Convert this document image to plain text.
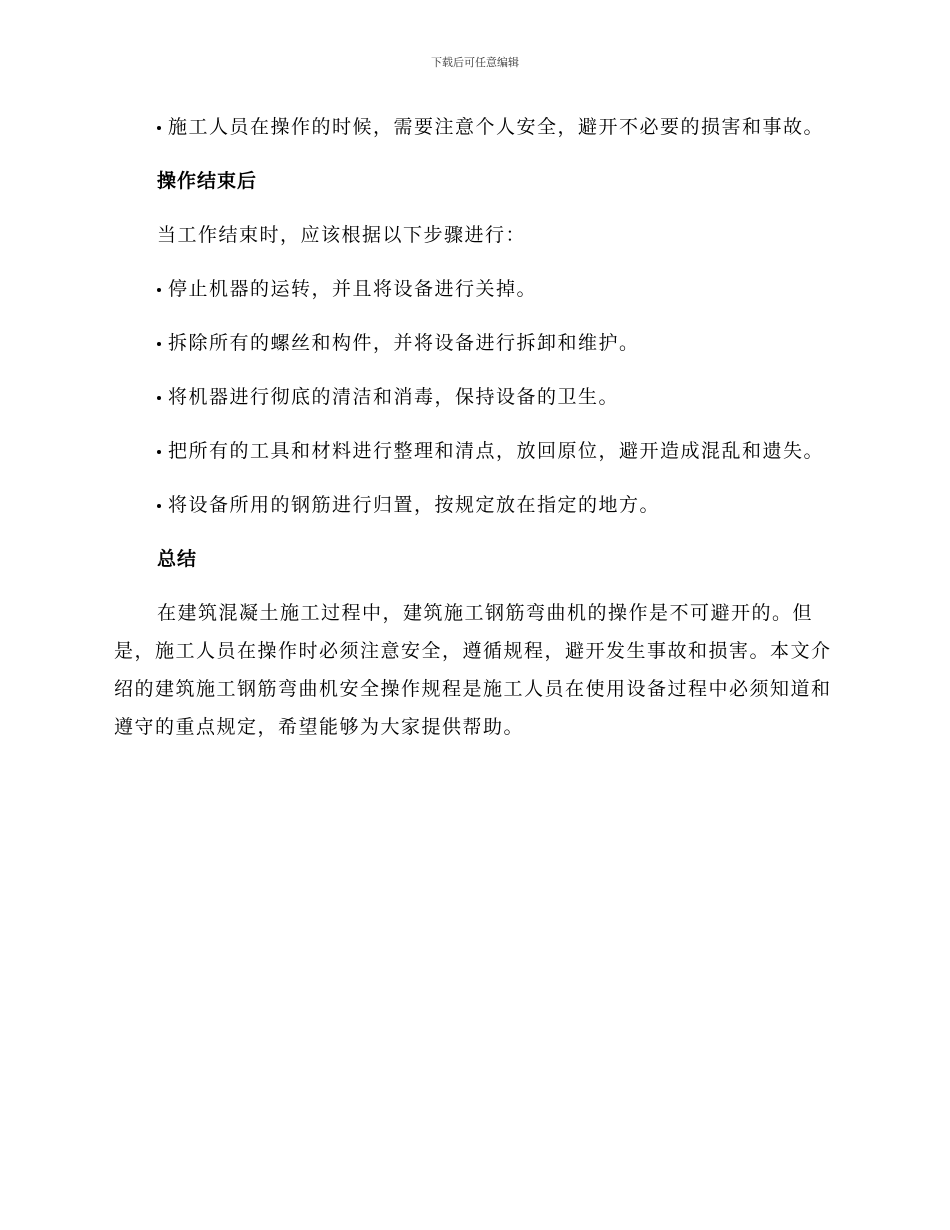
下载后可任意编辑

施工人员在操作的时候，需要注意个人安全，避开不必要的损害和事故。

操作结束后

当工作结束时，应该根据以下步骤进行：

停止机器的运转，并且将设备进行关掉。

拆除所有的螺丝和构件，并将设备进行拆卸和维护。

将机器进行彻底的清洁和消毒，保持设备的卫生。

把所有的工具和材料进行整理和清点，放回原位，避开造成混乱和遗失。

将设备所用的钢筋进行归置，按规定放在指定的地方。

总结

在建筑混凝土施工过程中，建筑施工钢筋弯曲机的操作是不可避开的。但是，施工人员在操作时必须注意安全，遵循规程，避开发生事故和损害。本文介绍的建筑施工钢筋弯曲机安全操作规程是施工人员在使用设备过程中必须知道和遵守的重点规定，希望能够为大家提供帮助。
